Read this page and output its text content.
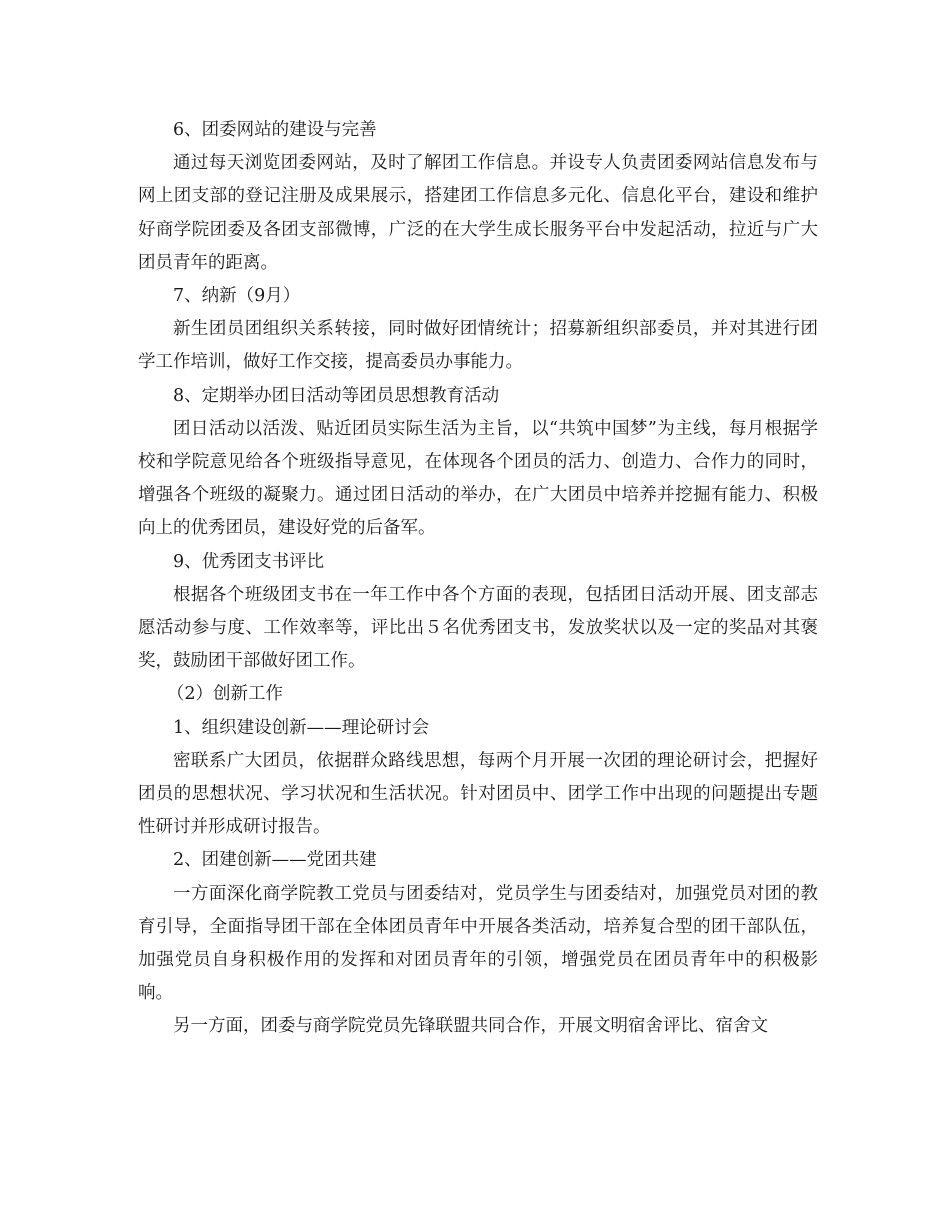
6、团委网站的建设与完善

通过每天浏览团委网站，及时了解团工作信息。并设专人负责团委网站信息发布与网上团支部的登记注册及成果展示，搭建团工作信息多元化、信息化平台，建设和维护好商学院团委及各团支部微博，广泛的在大学生成长服务平台中发起活动，拉近与广大团员青年的距离。

7、纳新（9月）

新生团员团组织关系转接，同时做好团情统计；招募新组织部委员，并对其进行团学工作培训，做好工作交接，提高委员办事能力。

8、定期举办团日活动等团员思想教育活动

团日活动以活泼、贴近团员实际生活为主旨，以“共筑中国梦”为主线，每月根据学校和学院意见给各个班级指导意见，在体现各个团员的活力、创造力、合作力的同时，增强各个班级的凝聚力。通过团日活动的举办，在广大团员中培养并挖掘有能力、积极向上的优秀团员，建设好党的后备军。

9、优秀团支书评比

根据各个班级团支书在一年工作中各个方面的表现，包括团日活动开展、团支部志愿活动参与度、工作效率等，评比出５名优秀团支书，发放奖状以及一定的奖品对其褒奖，鼓励团干部做好团工作。

（2）创新工作

1、组织建设创新——理论研讨会

密联系广大团员，依据群众路线思想，每两个月开展一次团的理论研讨会，把握好团员的思想状况、学习状况和生活状况。针对团员中、团学工作中出现的问题提出专题性研讨并形成研讨报告。

2、团建创新——党团共建

一方面深化商学院教工党员与团委结对，党员学生与团委结对，加强党员对团的教育引导，全面指导团干部在全体团员青年中开展各类活动，培养复合型的团干部队伍，加强党员自身积极作用的发挥和对团员青年的引领，增强党员在团员青年中的积极影响。

另一方面，团委与商学院党员先锋联盟共同合作，开展文明宿舍评比、宿舍文
